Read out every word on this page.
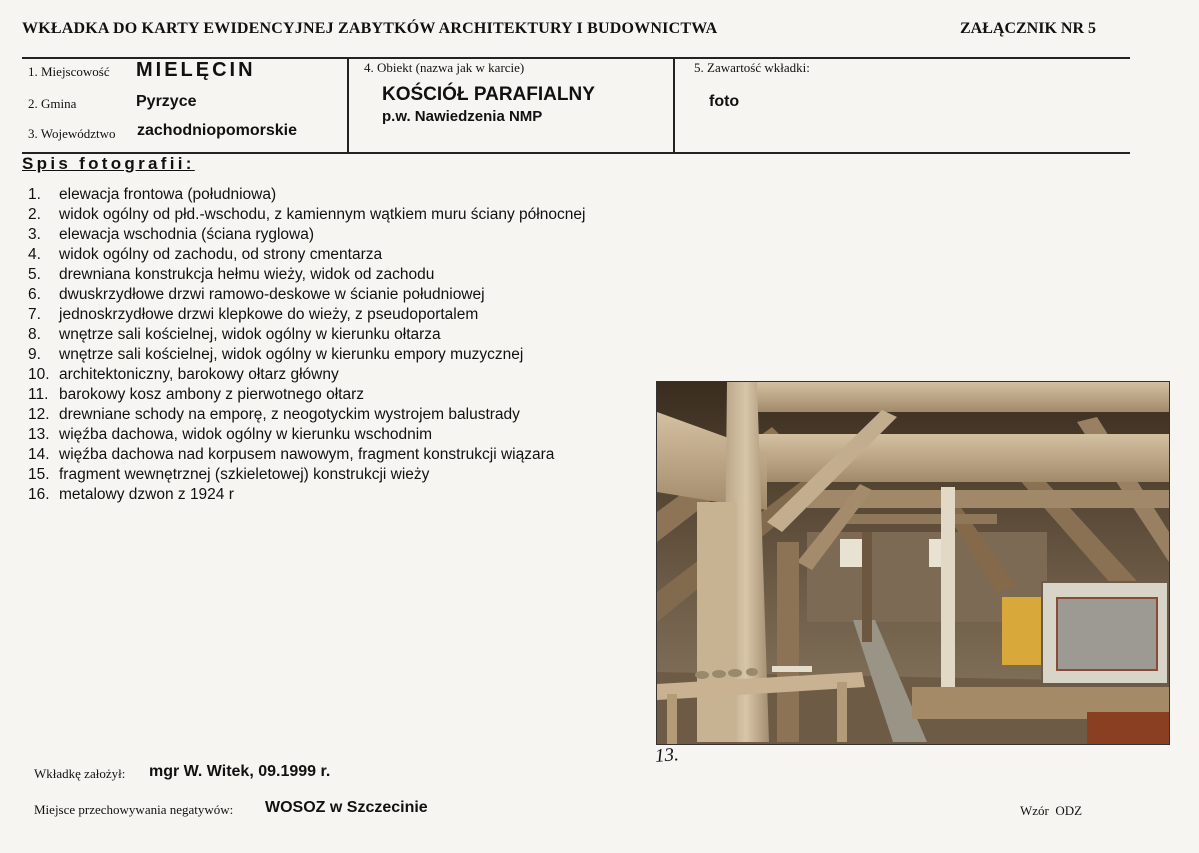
WKŁADKA DO KARTY EWIDENCYJNEJ ZABYTKÓW ARCHITEKTURY I BUDOWNICTWA	ZAŁĄCZNIK NR 5
1. Miejscowość MIELĘCIN
2. Gmina	Pyrzyce
3. Województwo zachodniopomorskie
4. Obiekt (nazwa jak w karcie)
KOŚCIÓŁ PARAFIALNY
p.w. Nawiedzenia NMP
5. Zawartość wkładki:
foto
Spis fotografii:
1.	elewacja frontowa (południowa)
2.	widok ogólny od płd.-wschodu, z kamiennym wątkiem muru ściany północnej
3.	elewacja wschodnia (ściana ryglowa)
4.	widok ogólny od zachodu, od strony cmentarza
5.	drewniana konstrukcja hełmu wieży, widok od zachodu
6.	dwuskrzydłowe drzwi ramowo-deskowe w ścianie południowej
7.	jednoskrzydłowe drzwi klepkowe do wieży, z pseudoportalem
8.	wnętrze sali kościelnej, widok ogólny w kierunku ołtarza
9.	wnętrze sali kościelnej, widok ogólny w kierunku empory muzycznej
10. architektoniczny, barokowy ołtarz główny
11. barokowy kosz ambony z pierwotnego ołtarz
12. drewniane schody na emporę, z neogotyckim wystrojem balustrady
13. więźba dachowa, widok ogólny w kierunku wschodnim
14. więźba dachowa nad korpusem nawowym, fragment konstrukcji wiązara
15. fragment wewnętrznej (szkieletowej) konstrukcji wieży
16. metalowy dzwon z 1924 r
13.
Wkładkę założył: mgr W. Witek, 09.1999 r.
Miejsce przechowywania negatywów: WOSOZ w Szczecinie	Wzór  ODZ
